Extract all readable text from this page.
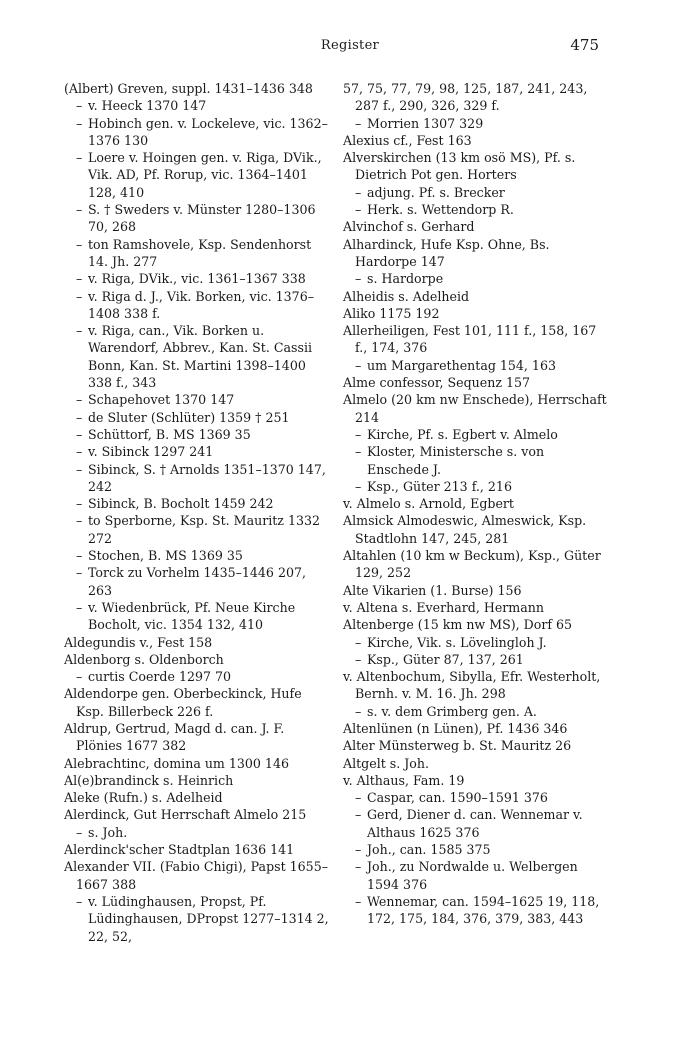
Register	475

(Albert) Greven, suppl. 1431–1436 348

– v. Heeck 1370 147

– Hobinch gen. v. Lockeleve, vic. 1362–1376 130

– Loere v. Hoingen gen. v. Riga, DVik., Vik. AD, Pf. Rorup, vic. 1364–1401 128, 410

– S. † Sweders v. Münster 1280–1306 70, 268

– ton Ramshovele, Ksp. Sendenhorst 14. Jh. 277

– v. Riga, DVik., vic. 1361–1367 338

– v. Riga d. J., Vik. Borken, vic. 1376–1408 338 f.

– v. Riga, can., Vik. Borken u. Warendorf, Abbrev., Kan. St. Cassii Bonn, Kan. St. Martini 1398–1400 338 f., 343

– Schapehovet 1370 147

– de Sluter (Schlüter) 1359 † 251

– Schüttorf, B. MS 1369 35

– v. Sibinck 1297 241

– Sibinck, S. † Arnolds 1351–1370 147, 242

– Sibinck, B. Bocholt 1459 242

– to Sperborne, Ksp. St. Mauritz 1332 272

– Stochen, B. MS 1369 35

– Torck zu Vorhelm 1435–1446 207, 263

– v. Wiedenbrück, Pf. Neue Kirche Bocholt, vic. 1354 132, 410

Aldegundis v., Fest 158

Aldenborg s. Oldenborch

– curtis Coerde 1297 70

Aldendorpe gen. Oberbeckinck, Hufe Ksp. Billerbeck 226 f.

Aldrup, Gertrud, Magd d. can. J. F. Plönies 1677 382

Alebrachtinc, domina um 1300 146

Al(e)brandinck s. Heinrich

Aleke (Rufn.) s. Adelheid

Alerdinck, Gut Herrschaft Almelo 215

– s. Joh.

Alerdinck'scher Stadtplan 1636 141

Alexander VII. (Fabio Chigi), Papst 1655–1667 388

– v. Lüdinghausen, Propst, Pf. Lüdinghausen, DPropst 1277–1314 2, 22, 52,

57, 75, 77, 79, 98, 125, 187, 241, 243, 287 f., 290, 326, 329 f.

– Morrien 1307 329

Alexius cf., Fest 163

Alverskirchen (13 km osö MS), Pf. s. Dietrich Pot gen. Horters

– adjung. Pf. s. Brecker

– Herk. s. Wettendorp R.

Alvinchof s. Gerhard

Alhardinck, Hufe Ksp. Ohne, Bs. Hardorpe 147

– s. Hardorpe

Alheidis s. Adelheid

Aliko 1175 192

Allerheiligen, Fest 101, 111 f., 158, 167 f., 174, 376

– um Margarethentag 154, 163

Alme confessor, Sequenz 157

Almelo (20 km nw Enschede), Herrschaft 214

– Kirche, Pf. s. Egbert v. Almelo

– Kloster, Ministersche s. von Enschede J.

– Ksp., Güter 213 f., 216

v. Almelo s. Arnold, Egbert

Almsick Almodeswic, Almeswick, Ksp. Stadtlohn 147, 245, 281

Altahlen (10 km w Beckum), Ksp., Güter 129, 252

Alte Vikarien (1. Burse) 156

v. Altena s. Everhard, Hermann

Altenberge (15 km nw MS), Dorf 65

– Kirche, Vik. s. Lövelingloh J.

– Ksp., Güter 87, 137, 261

v. Altenbochum, Sibylla, Efr. Westerholt, Bernh. v. M. 16. Jh. 298

– s. v. dem Grimberg gen. A.

Altenlünen (n Lünen), Pf. 1436 346

Alter Münsterweg b. St. Mauritz 26

Altgelt s. Joh.

v. Althaus, Fam. 19

– Caspar, can. 1590–1591 376

– Gerd, Diener d. can. Wennemar v. Althaus 1625 376

– Joh., can. 1585 375

– Joh., zu Nordwalde u. Welbergen 1594 376

– Wennemar, can. 1594–1625 19, 118, 172, 175, 184, 376, 379, 383, 443
